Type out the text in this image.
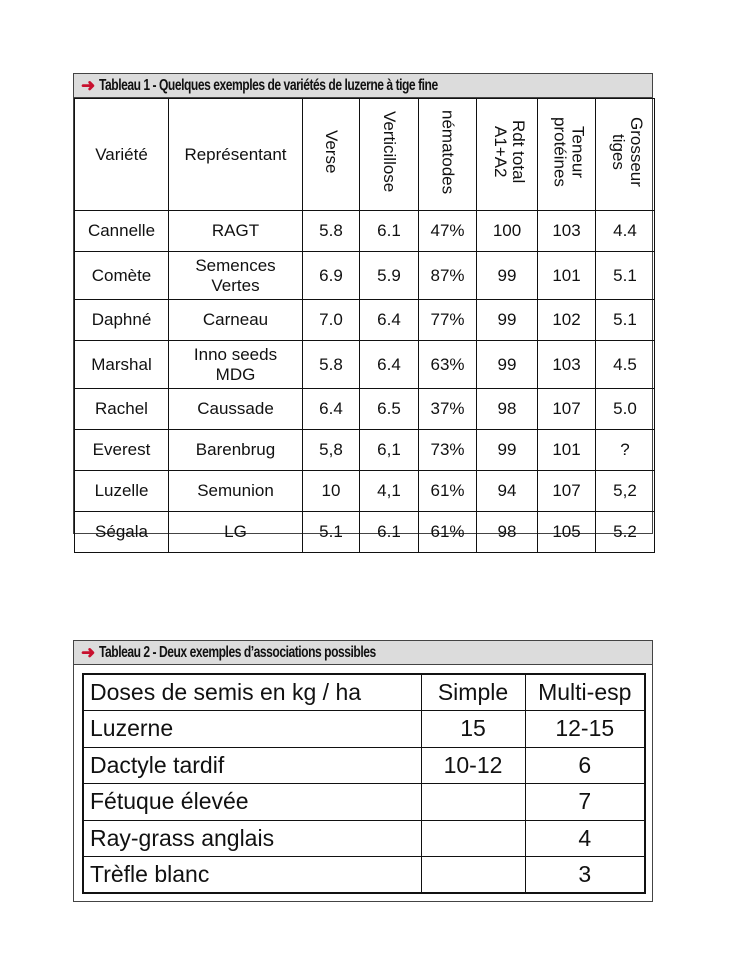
➜ Tableau 1 - Quelques exemples de variétés de luzerne à tige fine
Variété	Représentant	Verse	Verticillose	nématodes	Rdt total A1+A2	Teneur protéines	Grosseur tiges
Cannelle	RAGT	5.8	6.1	47%	100	103	4.4
Comète	Semences Vertes	6.9	5.9	87%	99	101	5.1
Daphné	Carneau	7.0	6.4	77%	99	102	5.1
Marshal	Inno seeds MDG	5.8	6.4	63%	99	103	4.5
Rachel	Caussade	6.4	6.5	37%	98	107	5.0
Everest	Barenbrug	5,8	6,1	73%	99	101	?
Luzelle	Semunion	10	4,1	61%	94	107	5,2
Ségala	LG	5.1	6.1	61%	98	105	5.2
➜ Tableau 2 - Deux exemples d’associations possibles
Doses de semis en kg / ha	Simple	Multi-esp
Luzerne	15	12-15
Dactyle tardif	10-12	6
Fétuque élevée		7
Ray-grass anglais		4
Trèfle blanc		3
